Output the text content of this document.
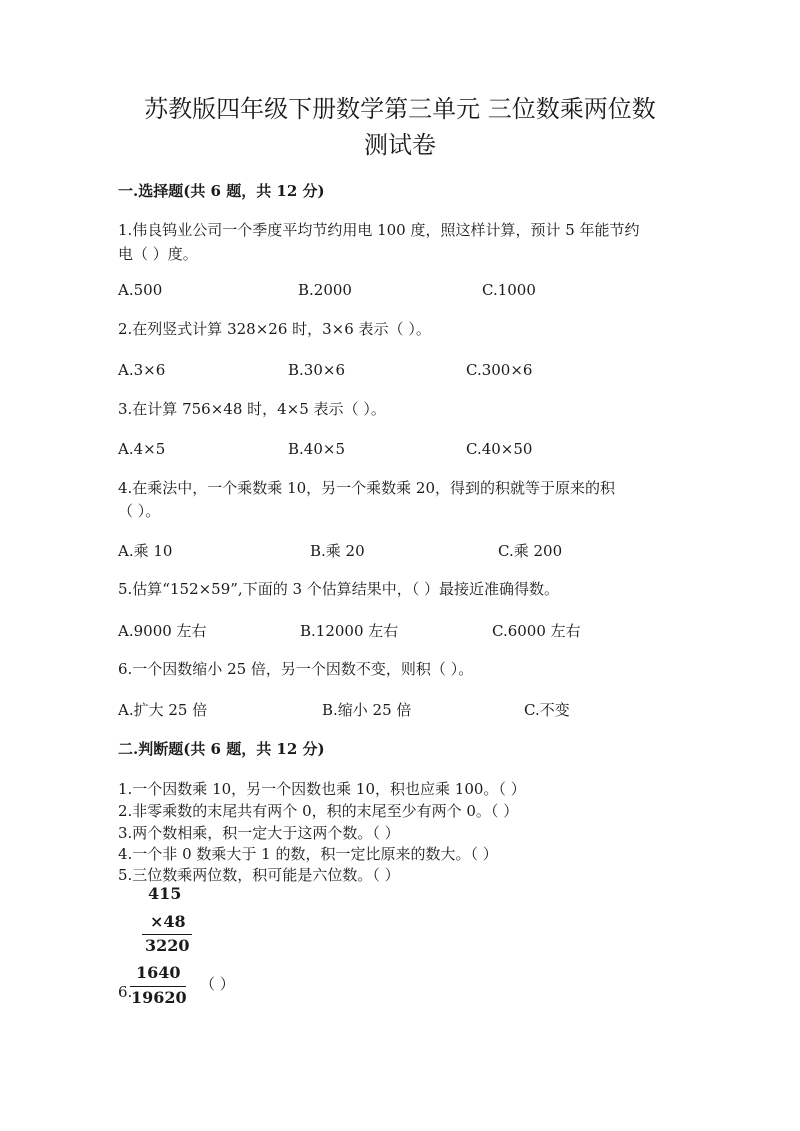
苏教版四年级下册数学第三单元 三位数乘两位数
测试卷
一.选择题(共 6 题，共 12 分)
1.伟良钨业公司一个季度平均节约用电 100 度，照这样计算，预计 5 年能节约
电（ ）度。
A.500	B.2000	C.1000
2.在列竖式计算 328×26 时，3×6 表示（ ）。
A.3×6	B.30×6	C.300×6
3.在计算 756×48 时，4×5 表示（ ）。
A.4×5	B.40×5	C.40×50
4.在乘法中，一个乘数乘 10，另一个乘数乘 20，得到的积就等于原来的积
（ ）。
A.乘 10	B.乘 20	C.乘 200
5.估算“152×59”,下面的 3 个估算结果中，（ ）最接近准确得数。
A.9000 左右	B.12000 左右	C.6000 左右
6.一个因数缩小 25 倍，另一个因数不变，则积（ ）。
A.扩大 25 倍	B.缩小 25 倍	C.不变
二.判断题(共 6 题，共 12 分)
1.一个因数乘 10，另一个因数也乘 10，积也应乘 100。（ ）
2.非零乘数的末尾共有两个 0，积的末尾至少有两个 0。（ ）
3.两个数相乘，积一定大于这两个数。（ ）
4.一个非 0 数乘大于 1 的数，积一定比原来的数大。（ ）
5.三位数乘两位数，积可能是六位数。（ ）
415
×48
3220
6.
1640
19620
（ ）
